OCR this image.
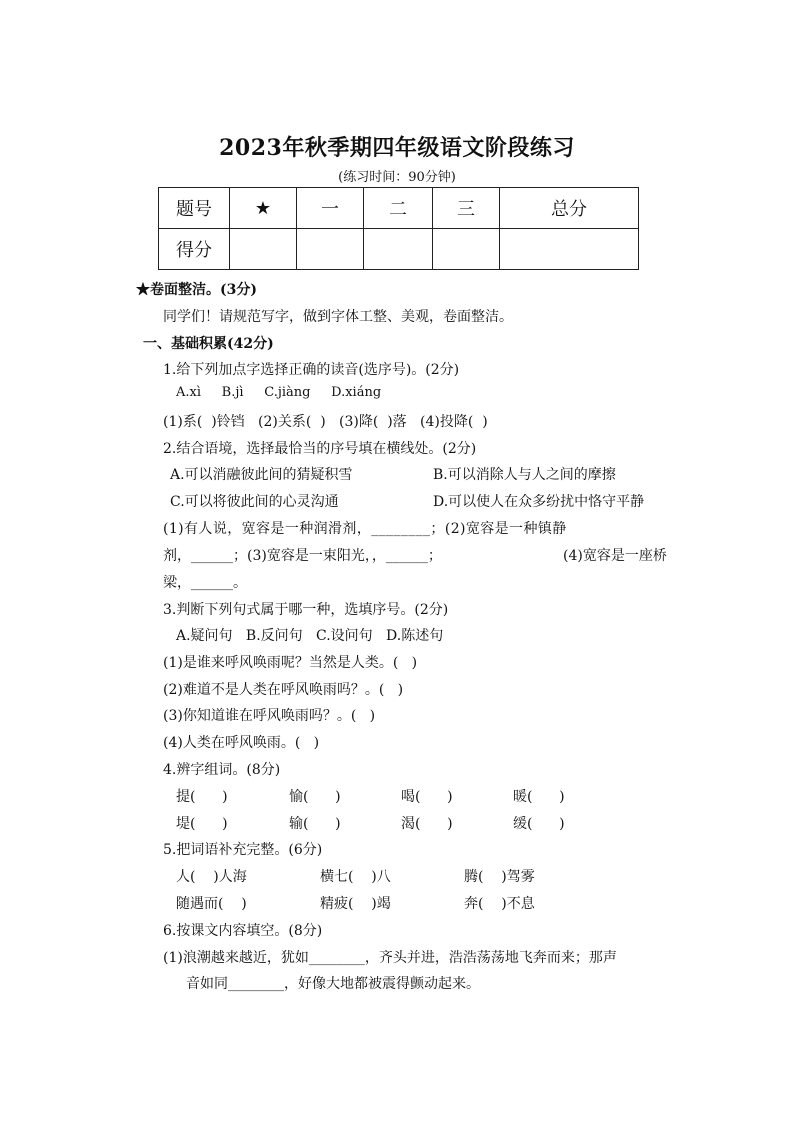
2023年秋季期四年级语文阶段练习
(练习时间：90分钟)
题号	★	一	二	三	总分
得分					
★卷面整洁。(3分)
同学们！请规范写字，做到字体工整、美观，卷面整洁。
一、基础积累(42分)
1.给下列加点字选择正确的读音(选序号)。(2分)
A.xì     B.jì     C.jiàng     D.xiáng
(1)系(  )铃铛   (2)关系(  )   (3)降(  )落   (4)投降(  )
2.结合语境，选择最恰当的序号填在横线处。(2分)
A.可以消融彼此间的猜疑积雪	B.可以消除人与人之间的摩擦
C.可以将彼此间的心灵沟通	D.可以使人在众多纷扰中恪守平静
(1)有人说，宽容是一种润滑剂，________；(2)宽容是一种镇静
剂，______；(3)宽容是一束阳光，，______；	(4)宽容是一座桥
梁，______。
3.判断下列句式属于哪一种，选填序号。(2分)
A.疑问句   B.反问句   C.设问句   D.陈述句
(1)是谁来呼风唤雨呢？当然是人类。(   )
(2)难道不是人类在呼风唤雨吗？。(   )
(3)你知道谁在呼风唤雨吗？。(   )
(4)人类在呼风唤雨。(   )
4.辨字组词。(8分)
提(      )	愉(      )	喝(      )	暖(      )
堤(      )	输(      )	渴(      )	缓(      )
5.把词语补充完整。(6分)
人(    )人海	横七(    )八	腾(    )驾雾
随遇而(    )	精疲(    )竭	奔(    )不息
6.按课文内容填空。(8分)
(1)浪潮越来越近，犹如________，齐头并进，浩浩荡荡地飞奔而来；那声
音如同________，好像大地都被震得颤动起来。
